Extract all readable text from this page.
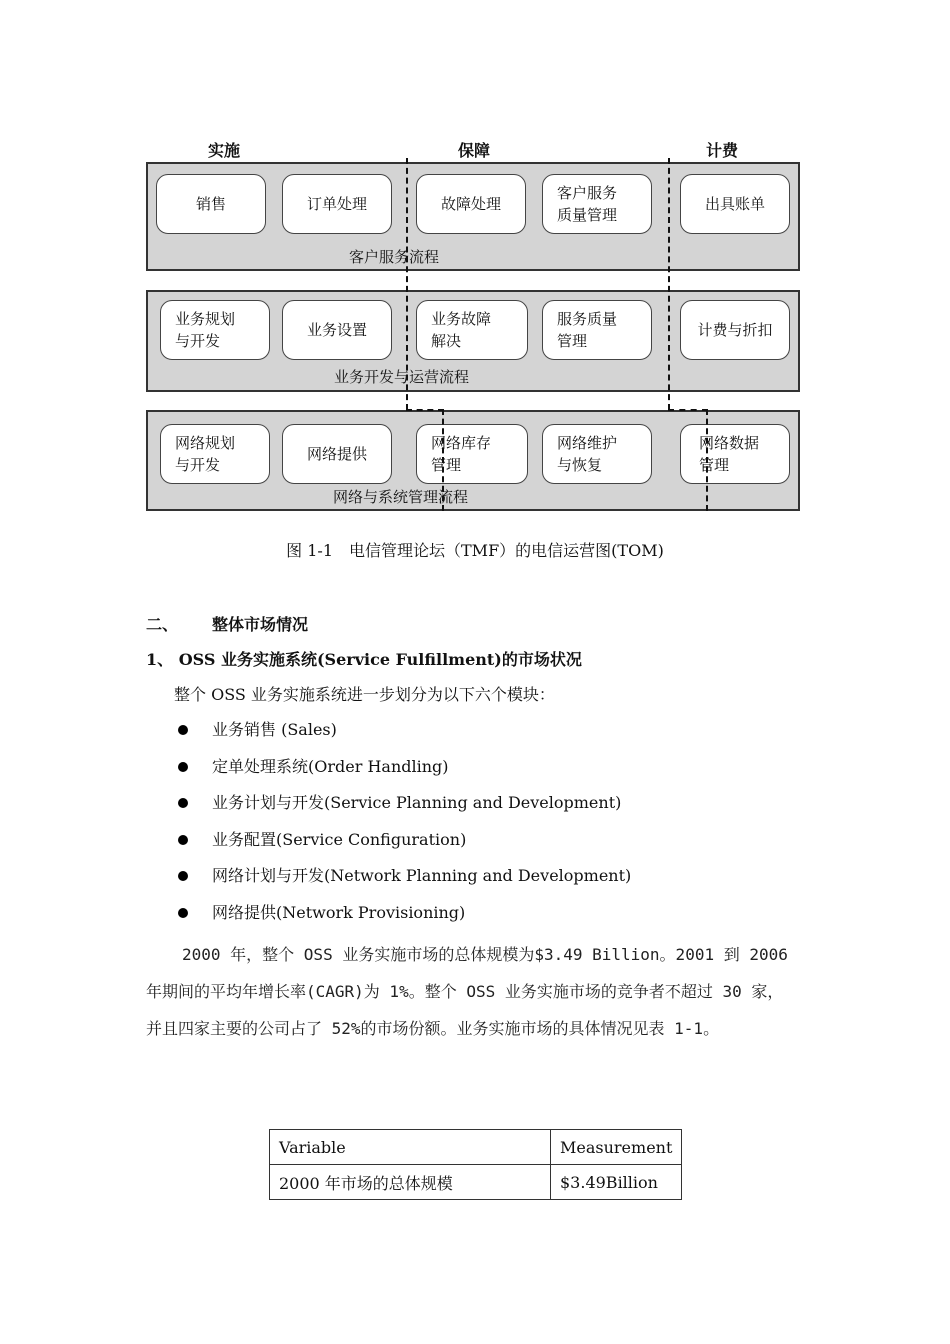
实施	保障	计费
销售	订单处理	故障处理
客户服务
质量管理
出具账单
客户服务流程
业务规划
与开发
业务设置
业务故障
解决
服务质量
管理
计费与折扣
业务开发与运营流程
网络规划
与开发
网络提供
网络库存
管理
网络维护
与恢复
网络数据
管理
网络与系统管理流程
图 1-1　电信管理论坛（TMF）的电信运营图(TOM)
二、 整体市场情况
1、 OSS 业务实施系统(Service Fulfillment)的市场状况
整个 OSS 业务实施系统进一步划分为以下六个模块：
业务销售 (Sales)
定单处理系统(Order Handling)
业务计划与开发(Service Planning and Development)
业务配置(Service Configuration)
网络计划与开发(Network Planning and Development)
网络提供(Network Provisioning)
2000 年，整个 OSS 业务实施市场的总体规模为$3.49 Billion。2001 到 2006 年期间的平均年增长率(CAGR)为 1%。整个 OSS 业务实施市场的竞争者不超过 30 家，并且四家主要的公司占了 52%的市场份额。业务实施市场的具体情况见表 1-1。
Variable	Measurement
2000 年市场的总体规模	$3.49Billion
